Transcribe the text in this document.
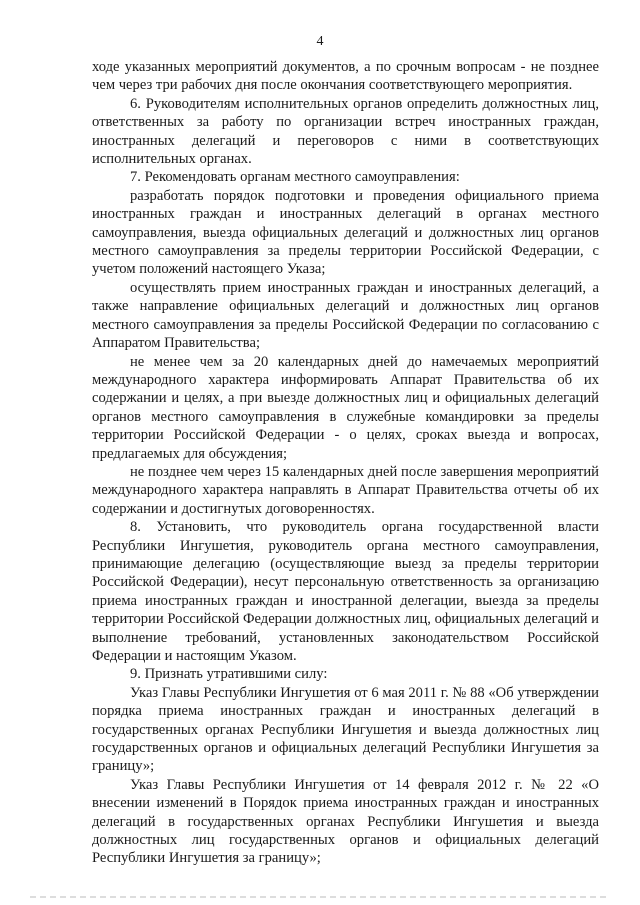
4

ходе указанных мероприятий документов, а по срочным вопросам - не позднее чем через три рабочих дня после окончания соответствующего мероприятия.

6. Руководителям исполнительных органов определить должностных лиц, ответственных за работу по организации встреч иностранных граждан, иностранных делегаций и переговоров с ними в соответствующих исполнительных органах.

7. Рекомендовать органам местного самоуправления:

разработать порядок подготовки и проведения официального приема иностранных граждан и иностранных делегаций в органах местного самоуправления, выезда официальных делегаций и должностных лиц органов местного самоуправления за пределы территории Российской Федерации, с учетом положений настоящего Указа;

осуществлять прием иностранных граждан и иностранных делегаций, а также направление официальных делегаций и должностных лиц органов местного самоуправления за пределы Российской Федерации по согласованию с Аппаратом Правительства;

не менее чем за 20 календарных дней до намечаемых мероприятий международного характера информировать Аппарат Правительства об их содержании и целях, а при выезде должностных лиц и официальных делегаций органов местного самоуправления в служебные командировки за пределы территории Российской Федерации - о целях, сроках выезда и вопросах, предлагаемых для обсуждения;

не позднее чем через 15 календарных дней после завершения мероприятий международного характера направлять в Аппарат Правительства отчеты об их содержании и достигнутых договоренностях.

8. Установить, что руководитель органа государственной власти Республики Ингушетия, руководитель органа местного самоуправления, принимающие делегацию (осуществляющие выезд за пределы территории Российской Федерации), несут персональную ответственность за организацию приема иностранных граждан и иностранной делегации, выезда за пределы территории Российской Федерации должностных лиц, официальных делегаций и выполнение требований, установленных законодательством Российской Федерации и настоящим Указом.

9. Признать утратившими силу:

Указ Главы Республики Ингушетия от 6 мая 2011 г. № 88 «Об утверждении порядка приема иностранных граждан и иностранных делегаций в государственных органах Республики Ингушетия и выезда должностных лиц государственных органов и официальных делегаций Республики Ингушетия за границу»;

Указ Главы Республики Ингушетия от 14 февраля 2012 г. № 22 «О внесении изменений в Порядок приема иностранных граждан и иностранных делегаций в государственных органах Республики Ингушетия и выезда должностных лиц государственных органов и официальных делегаций Республики Ингушетия за границу»;
